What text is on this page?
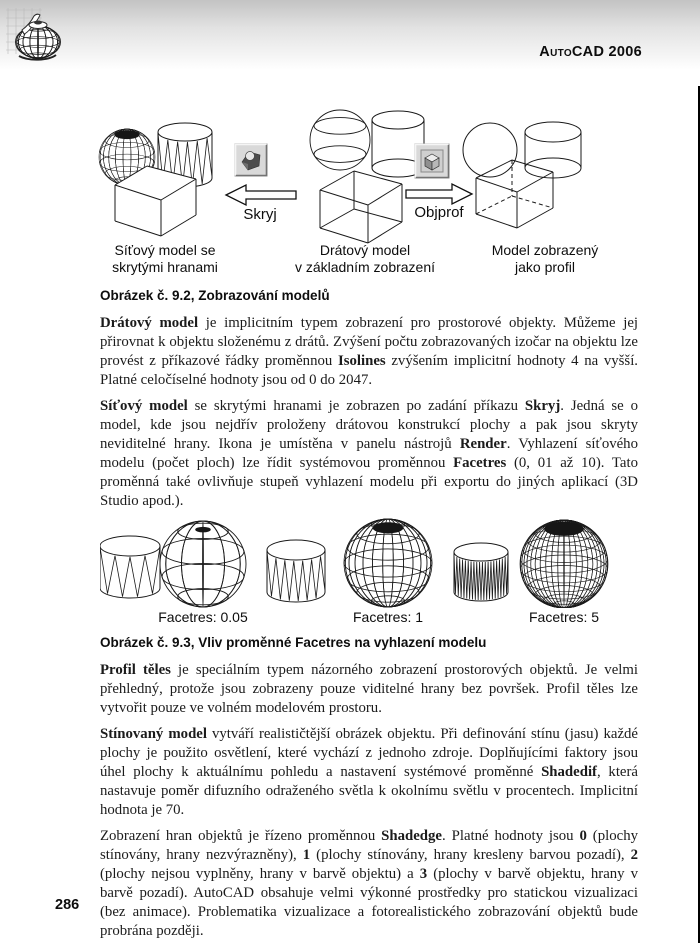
AutoCAD 2006
Skryj	Objprof
Síťový model se
skrytými hranami
Drátový model
v základním zobrazení
Model zobrazený
jako profil
Obrázek č. 9.2, Zobrazování modelů

Drátový model je implicitním typem zobrazení pro prostorové objekty. Můžeme jej přirovnat k objektu složenému z drátů. Zvýšení počtu zobrazovaných izočar na objektu lze provést z příkazové řádky proměnnou Isolines zvýšením implicitní hodnoty 4 na vyšší. Platné celočíselné hodnoty jsou od 0 do 2047.

Síťový model se skrytými hranami je zobrazen po zadání příkazu Skryj. Jedná se o model, kde jsou nejdřív proloženy drátovou konstrukcí plochy a pak jsou skryty neviditelné hrany. Ikona je umístěna v panelu nástrojů Render. Vyhlazení síťového modelu (počet ploch) lze řídit systémovou proměnnou Facetres (0, 01 až 10). Tato proměnná také ovlivňuje stupeň vyhlazení modelu při exportu do jiných aplikací (3D Studio apod.).

Facetres: 0.05	Facetres: 1	Facetres: 5
Obrázek č. 9.3, Vliv proměnné Facetres na vyhlazení modelu

Profil těles je speciálním typem názorného zobrazení prostorových objektů. Je velmi přehledný, protože jsou zobrazeny pouze viditelné hrany bez površek. Profil těles lze vytvořit pouze ve volném modelovém prostoru.

Stínovaný model vytváří realističtější obrázek objektu. Při definování stínu (jasu) každé plochy je použito osvětlení, které vychází z jednoho zdroje. Doplňujícími faktory jsou úhel plochy k aktuálnímu pohledu a nastavení systémové proměnné Shadedif, která nastavuje poměr difuzního odraženého světla k okolnímu světlu v procentech. Implicitní hodnota je 70.

Zobrazení hran objektů je řízeno proměnnou Shadedge. Platné hodnoty jsou 0 (plochy stínovány, hrany nezvýrazněny), 1 (plochy stínovány, hrany kresleny barvou pozadí), 2 (plochy nejsou vyplněny, hrany v barvě objektu) a 3 (plochy v barvě objektu, hrany v barvě pozadí). AutoCAD obsahuje velmi výkonné prostředky pro statickou vizualizaci (bez animace). Problematika vizualizace a fotorealistického zobrazování objektů bude probrána později.

286
